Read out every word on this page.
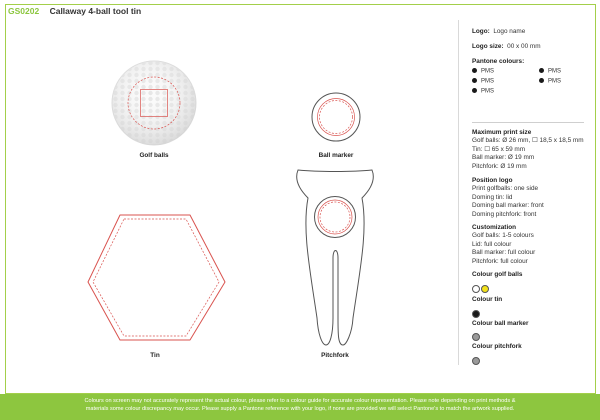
GS0202 Callaway 4-ball tool tin
Golf balls	Ball marker
Tin	Pitchfork
Logo: Logo name
Logo size: 00 x 00 mm
Pantone colours:
PMS	PMS
PMS	PMS
PMS
Maximum print size
Golf balls: Ø 26 mm, ☐ 18,5 x 18,5 mm
Tin: ☐ 65 x 59 mm
Ball marker: Ø 19 mm
Pitchfork: Ø 19 mm
Position logo
Print golfballs: one side
Doming tin: lid
Doming ball marker: front
Doming pitchfork: front
Customization
Golf balls: 1-5 colours
Lid: full colour
Ball marker: full colour
Pitchfork: full colour
Colour golf balls
Colour tin
Colour ball marker
Colour pitchfork
Colours on screen may not accurately represent the actual colour, please refer to a colour guide for accurate colour representation. Please note depending on print methods &
materials some colour discrepancy may occur. Please supply a Pantone reference with your logo, if none are provided we will select Pantone's to match the artwork supplied.
